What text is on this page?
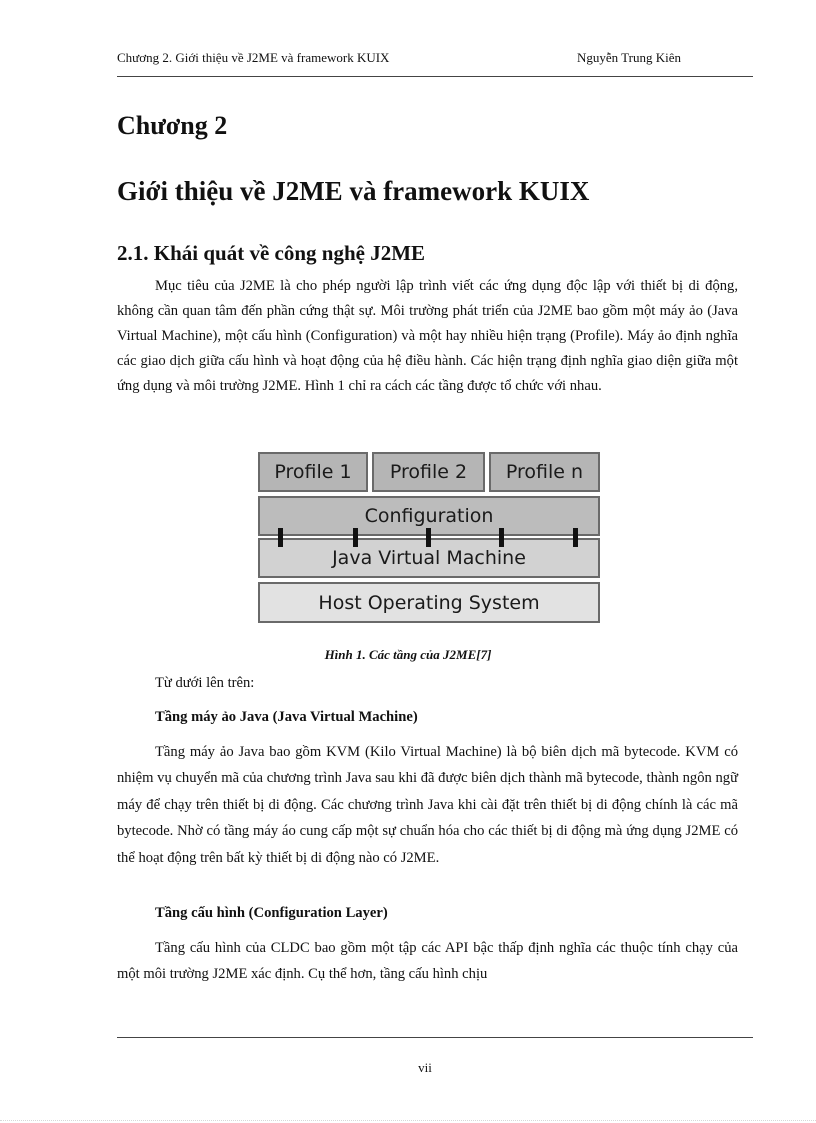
Chương 2. Giới thiệu về J2ME và framework KUIX	Nguyễn Trung Kiên
Chương 2
Giới thiệu về J2ME và framework KUIX
2.1. Khái quát về công nghệ J2ME

Mục tiêu của J2ME là cho phép người lập trình viết các ứng dụng độc lập với thiết bị di động, không cần quan tâm đến phần cứng thật sự. Môi trường phát triển của J2ME bao gồm một máy ảo (Java Virtual Machine), một cấu hình (Configuration) và một hay nhiều hiện trạng (Profile). Máy ảo định nghĩa các giao dịch giữa cấu hình và hoạt động của hệ điều hành. Các hiện trạng định nghĩa giao diện giữa một ứng dụng và môi trường J2ME. Hình 1 chỉ ra cách các tầng được tổ chức với nhau.

Profile 1	Profile 2	Profile n
Configuration
Java Virtual Machine
Host Operating System

Hình 1. Các tầng của J2ME[7]

Từ dưới lên trên:

Tầng máy ảo Java (Java Virtual Machine)

Tầng máy ảo Java bao gồm KVM (Kilo Virtual Machine) là bộ biên dịch mã bytecode. KVM có nhiệm vụ chuyển mã của chương trình Java sau khi đã được biên dịch thành mã bytecode, thành ngôn ngữ máy để chạy trên thiết bị di động. Các chương trình Java khi cài đặt trên thiết bị di động chính là các mã bytecode. Nhờ có tầng máy áo cung cấp một sự chuẩn hóa cho các thiết bị di động mà ứng dụng J2ME có thể hoạt động trên bất kỳ thiết bị di động nào có J2ME.

Tầng cấu hình (Configuration Layer)

Tầng cấu hình của CLDC bao gồm một tập các API bậc thấp định nghĩa các thuộc tính chạy của một môi trường J2ME xác định. Cụ thể hơn, tầng cấu hình chịu

vii
